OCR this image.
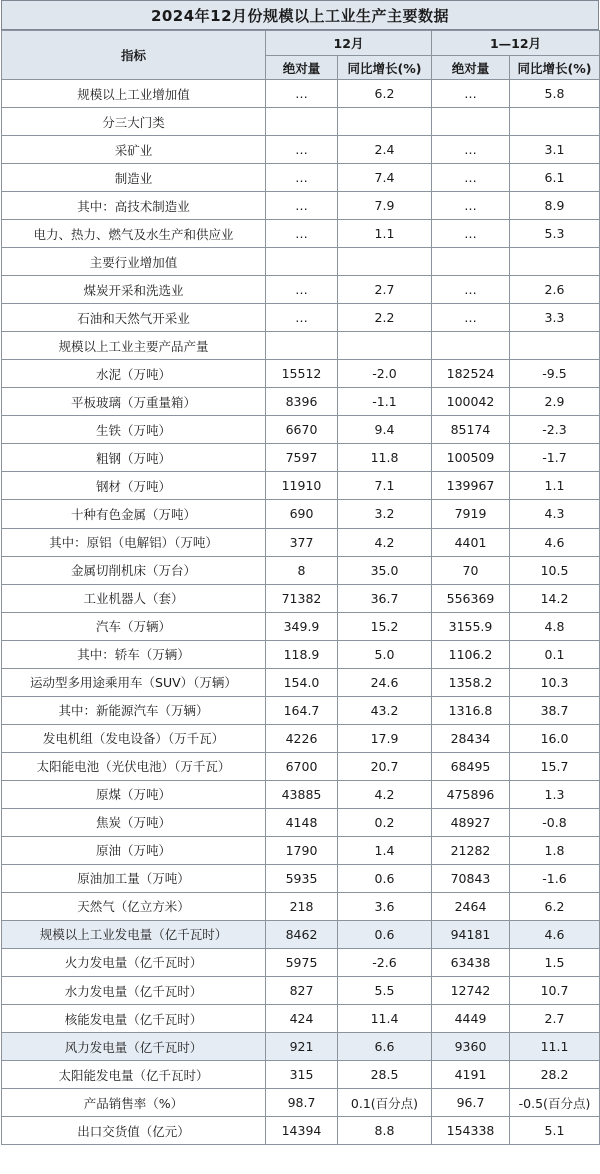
2024年12月份规模以上工业生产主要数据
指标	12月		1—12月	
	绝对量	同比增长(%)	绝对量	同比增长(%)
规模以上工业增加值	…	6.2	…	5.8
分三大门类				
采矿业	…	2.4	…	3.1
制造业	…	7.4	…	6.1
其中：高技术制造业	…	7.9	…	8.9
电力、热力、燃气及水生产和供应业	…	1.1	…	5.3
主要行业增加值				
煤炭开采和洗选业	…	2.7	…	2.6
石油和天然气开采业	…	2.2	…	3.3
规模以上工业主要产品产量				
水泥（万吨）	15512	-2.0	182524	-9.5
平板玻璃（万重量箱）	8396	-1.1	100042	2.9
生铁（万吨）	6670	9.4	85174	-2.3
粗钢（万吨）	7597	11.8	100509	-1.7
钢材（万吨）	11910	7.1	139967	1.1
十种有色金属（万吨）	690	3.2	7919	4.3
其中：原铝（电解铝）（万吨）	377	4.2	4401	4.6
金属切削机床（万台）	8	35.0	70	10.5
工业机器人（套）	71382	36.7	556369	14.2
汽车（万辆）	349.9	15.2	3155.9	4.8
其中：轿车（万辆）	118.9	5.0	1106.2	0.1
运动型多用途乘用车（SUV）（万辆）	154.0	24.6	1358.2	10.3
其中：新能源汽车（万辆）	164.7	43.2	1316.8	38.7
发电机组（发电设备）（万千瓦）	4226	17.9	28434	16.0
太阳能电池（光伏电池）（万千瓦）	6700	20.7	68495	15.7
原煤（万吨）	43885	4.2	475896	1.3
焦炭（万吨）	4148	0.2	48927	-0.8
原油（万吨）	1790	1.4	21282	1.8
原油加工量（万吨）	5935	0.6	70843	-1.6
天然气（亿立方米）	218	3.6	2464	6.2
规模以上工业发电量（亿千瓦时）	8462	0.6	94181	4.6
火力发电量（亿千瓦时）	5975	-2.6	63438	1.5
水力发电量（亿千瓦时）	827	5.5	12742	10.7
核能发电量（亿千瓦时）	424	11.4	4449	2.7
风力发电量（亿千瓦时）	921	6.6	9360	11.1
太阳能发电量（亿千瓦时）	315	28.5	4191	28.2
产品销售率（%）	98.7	0.1(百分点)	96.7	-0.5(百分点)
出口交货值（亿元）	14394	8.8	154338	5.1
